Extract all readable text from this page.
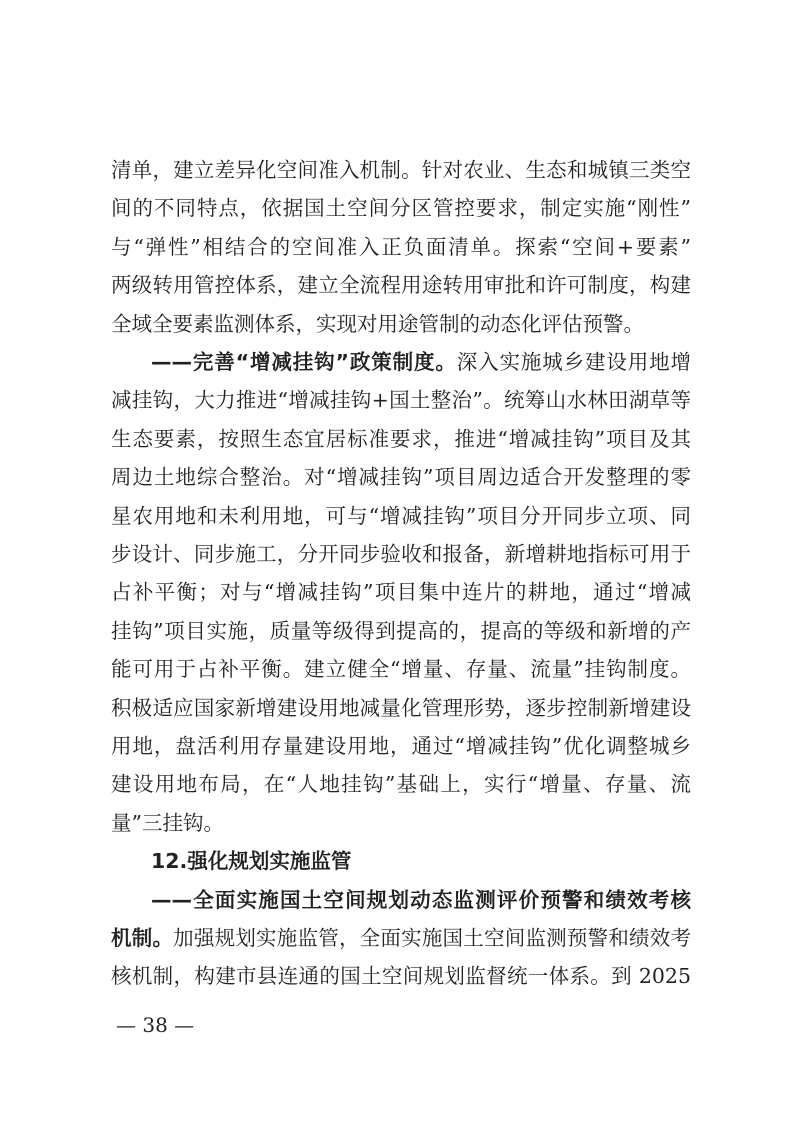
清单，建立差异化空间准入机制。针对农业、生态和城镇三类空
间的不同特点，依据国土空间分区管控要求，制定实施“刚性”
与“弹性”相结合的空间准入正负面清单。探索“空间+要素”
两级转用管控体系，建立全流程用途转用审批和许可制度，构建
全域全要素监测体系，实现对用途管制的动态化评估预警。
——完善“增减挂钩”政策制度。深入实施城乡建设用地增
减挂钩，大力推进“增减挂钩+国土整治”。统筹山水林田湖草等
生态要素，按照生态宜居标准要求，推进“增减挂钩”项目及其
周边土地综合整治。对“增减挂钩”项目周边适合开发整理的零
星农用地和未利用地，可与“增减挂钩”项目分开同步立项、同
步设计、同步施工，分开同步验收和报备，新增耕地指标可用于
占补平衡；对与“增减挂钩”项目集中连片的耕地，通过“增减
挂钩”项目实施，质量等级得到提高的，提高的等级和新增的产
能可用于占补平衡。建立健全“增量、存量、流量”挂钩制度。
积极适应国家新增建设用地减量化管理形势，逐步控制新增建设
用地，盘活利用存量建设用地，通过“增减挂钩”优化调整城乡
建设用地布局，在“人地挂钩”基础上，实行“增量、存量、流
量”三挂钩。
12.强化规划实施监管
——全面实施国土空间规划动态监测评价预警和绩效考核
机制。加强规划实施监管，全面实施国土空间监测预警和绩效考
核机制，构建市县连通的国土空间规划监督统一体系。到 2025
— 38 —
